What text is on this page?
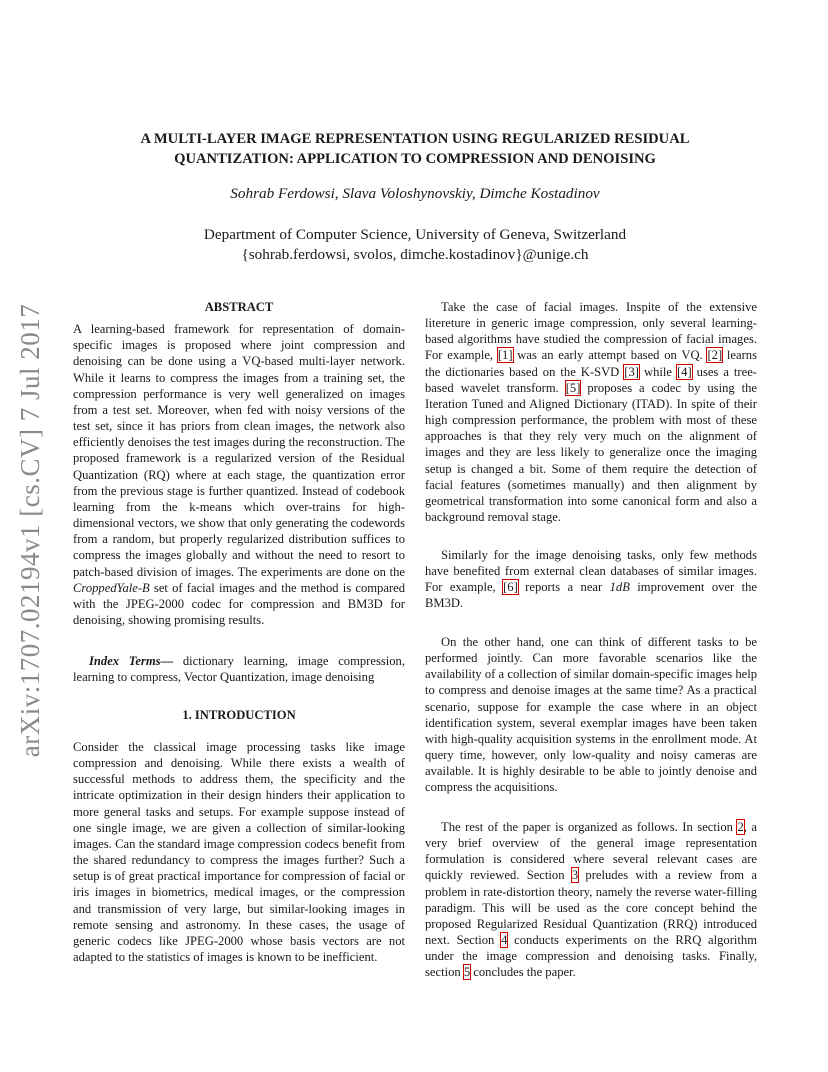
arXiv:1707.02194v1 [cs.CV] 7 Jul 2017
A MULTI-LAYER IMAGE REPRESENTATION USING REGULARIZED RESIDUAL
QUANTIZATION: APPLICATION TO COMPRESSION AND DENOISING
Sohrab Ferdowsi, Slava Voloshynovskiy, Dimche Kostadinov
Department of Computer Science, University of Geneva, Switzerland
{sohrab.ferdowsi, svolos, dimche.kostadinov}@unige.ch
ABSTRACT

A learning-based framework for representation of domain-specific images is proposed where joint compression and denoising can be done using a VQ-based multi-layer network. While it learns to compress the images from a training set, the compression performance is very well generalized on images from a test set. Moreover, when fed with noisy versions of the test set, since it has priors from clean images, the network also efficiently denoises the test images during the reconstruction. The proposed framework is a regularized version of the Residual Quantization (RQ) where at each stage, the quantization error from the previous stage is further quantized. Instead of codebook learning from the k-means which over-trains for high-dimensional vectors, we show that only generating the codewords from a random, but properly regularized distribution suffices to compress the images globally and without the need to resort to patch-based division of images. The experiments are done on the CroppedYale-B set of facial images and the method is compared with the JPEG-2000 codec for compression and BM3D for denoising, showing promising results.

Index Terms— dictionary learning, image compression, learning to compress, Vector Quantization, image denoising

1. INTRODUCTION

Consider the classical image processing tasks like image compression and denoising. While there exists a wealth of successful methods to address them, the specificity and the intricate optimization in their design hinders their application to more general tasks and setups. For example suppose instead of one single image, we are given a collection of similar-looking images. Can the standard image compression codecs benefit from the shared redundancy to compress the images further? Such a setup is of great practical importance for compression of facial or iris images in biometrics, medical images, or the compression and transmission of very large, but similar-looking images in remote sensing and astronomy. In these cases, the usage of generic codecs like JPEG-2000 whose basis vectors are not adapted to the statistics of images is known to be inefficient.

Take the case of facial images. Inspite of the extensive litereture in generic image compression, only several learning-based algorithms have studied the compression of facial images. For example, [1] was an early attempt based on VQ. [2] learns the dictionaries based on the K-SVD [3] while [4] uses a tree-based wavelet transform. [5] proposes a codec by using the Iteration Tuned and Aligned Dictionary (ITAD). In spite of their high compression performance, the problem with most of these approaches is that they rely very much on the alignment of images and they are less likely to generalize once the imaging setup is changed a bit. Some of them require the detection of facial features (sometimes manually) and then alignment by geometrical transformation into some canonical form and also a background removal stage.

Similarly for the image denoising tasks, only few methods have benefited from external clean databases of similar images. For example, [6] reports a near 1dB improvement over the BM3D.

On the other hand, one can think of different tasks to be performed jointly. Can more favorable scenarios like the availability of a collection of similar domain-specific images help to compress and denoise images at the same time? As a practical scenario, suppose for example the case where in an object identification system, several exemplar images have been taken with high-quality acquisition systems in the enrollment mode. At query time, however, only low-quality and noisy cameras are available. It is highly desirable to be able to jointly denoise and compress the acquisitions.

The rest of the paper is organized as follows. In section 2, a very brief overview of the general image representation formulation is considered where several relevant cases are quickly reviewed. Section 3 preludes with a review from a problem in rate-distortion theory, namely the reverse water-filling paradigm. This will be used as the core concept behind the proposed Regularized Residual Quantization (RRQ) introduced next. Section 4 conducts experiments on the RRQ algorithm under the image compression and denoising tasks. Finally, section 5 concludes the paper.
